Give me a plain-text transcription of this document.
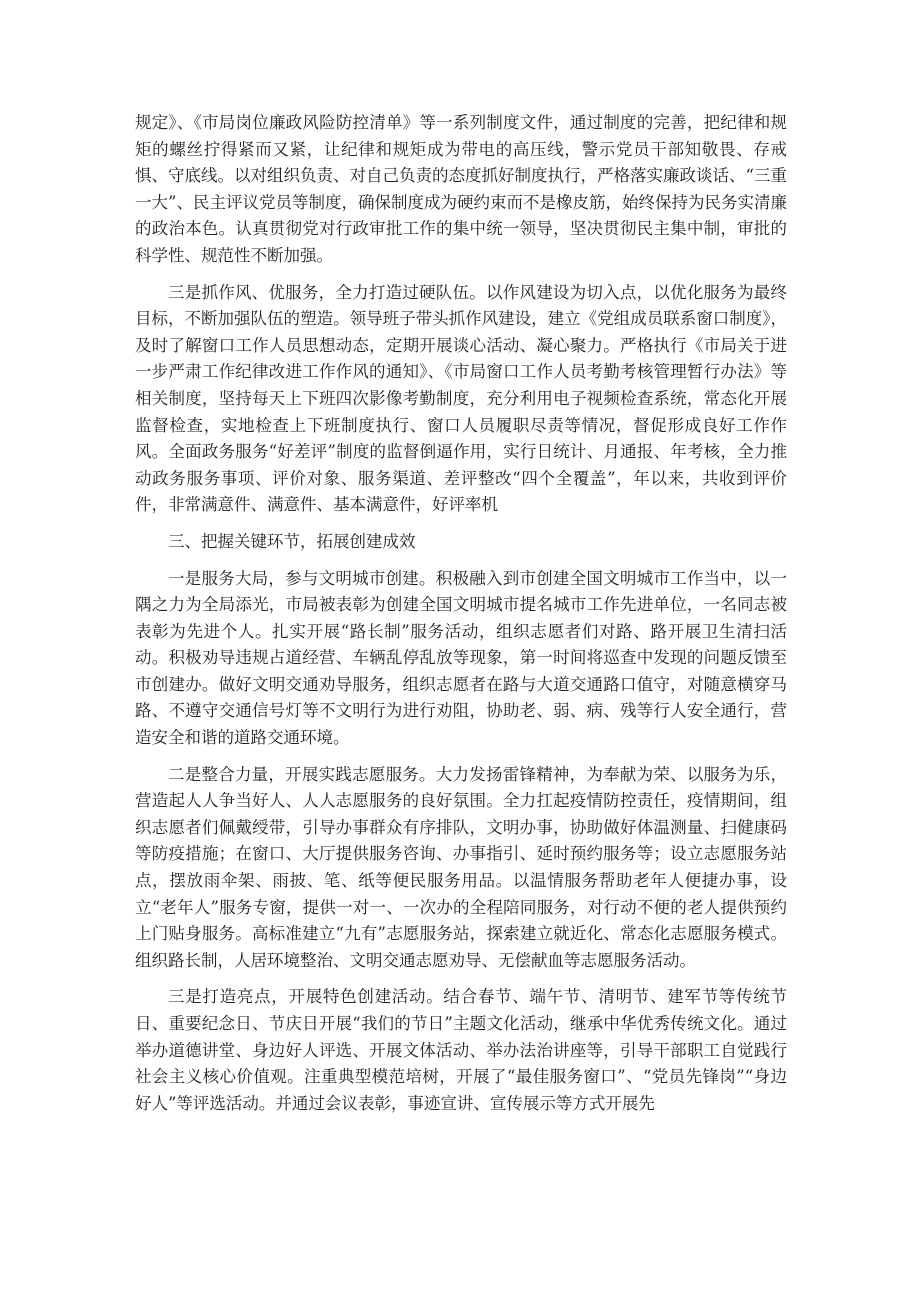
规定》、《市局岗位廉政风险防控清单》等一系列制度文件，通过制度的完善，把纪律和规矩的螺丝拧得紧而又紧，让纪律和规矩成为带电的高压线，警示党员干部知敬畏、存戒惧、守底线。以对组织负责、对自己负责的态度抓好制度执行，严格落实廉政谈话、“三重一大”、民主评议党员等制度，确保制度成为硬约束而不是橡皮筋，始终保持为民务实清廉的政治本色。认真贯彻党对行政审批工作的集中统一领导，坚决贯彻民主集中制，审批的科学性、规范性不断加强。

三是抓作风、优服务，全力打造过硬队伍。以作风建设为切入点，以优化服务为最终目标，不断加强队伍的塑造。领导班子带头抓作风建设，建立《党组成员联系窗口制度》，及时了解窗口工作人员思想动态，定期开展谈心活动、凝心聚力。严格执行《市局关于进一步严肃工作纪律改进工作作风的通知》、《市局窗口工作人员考勤考核管理暂行办法》等相关制度，坚持每天上下班四次影像考勤制度，充分利用电子视频检查系统，常态化开展监督检查，实地检查上下班制度执行、窗口人员履职尽责等情况，督促形成良好工作作风。全面政务服务“好差评”制度的监督倒逼作用，实行日统计、月通报、年考核，全力推动政务服务事项、评价对象、服务渠道、差评整改“四个全覆盖”，年以来，共收到评价件，非常满意件、满意件、基本满意件，好评率机

三、把握关键环节，拓展创建成效

一是服务大局，参与文明城市创建。积极融入到市创建全国文明城市工作当中，以一隅之力为全局添光，市局被表彰为创建全国文明城市提名城市工作先进单位，一名同志被表彰为先进个人。扎实开展“路长制”服务活动，组织志愿者们对路、路开展卫生清扫活动。积极劝导违规占道经营、车辆乱停乱放等现象，第一时间将巡查中发现的问题反馈至市创建办。做好文明交通劝导服务，组织志愿者在路与大道交通路口值守，对随意横穿马路、不遵守交通信号灯等不文明行为进行劝阻，协助老、弱、病、残等行人安全通行，营造安全和谐的道路交通环境。

二是整合力量，开展实践志愿服务。大力发扬雷锋精神，为奉献为荣、以服务为乐，营造起人人争当好人、人人志愿服务的良好氛围。全力扛起疫情防控责任，疫情期间，组织志愿者们佩戴绶带，引导办事群众有序排队，文明办事，协助做好体温测量、扫健康码等防疫措施；在窗口、大厅提供服务咨询、办事指引、延时预约服务等；设立志愿服务站点，摆放雨伞架、雨披、笔、纸等便民服务用品。以温情服务帮助老年人便捷办事，设立“老年人”服务专窗，提供一对一、一次办的全程陪同服务，对行动不便的老人提供预约上门贴身服务。高标准建立“九有”志愿服务站，探索建立就近化、常态化志愿服务模式。组织路长制，人居环境整治、文明交通志愿劝导、无偿献血等志愿服务活动。

三是打造亮点，开展特色创建活动。结合春节、端午节、清明节、建军节等传统节日、重要纪念日、节庆日开展“我们的节日”主题文化活动，继承中华优秀传统文化。通过举办道德讲堂、身边好人评选、开展文体活动、举办法治讲座等，引导干部职工自觉践行社会主义核心价值观。注重典型模范培树，开展了“最佳服务窗口”、“党员先锋岗”“身边好人”等评选活动。并通过会议表彰，事迹宣讲、宣传展示等方式开展先
